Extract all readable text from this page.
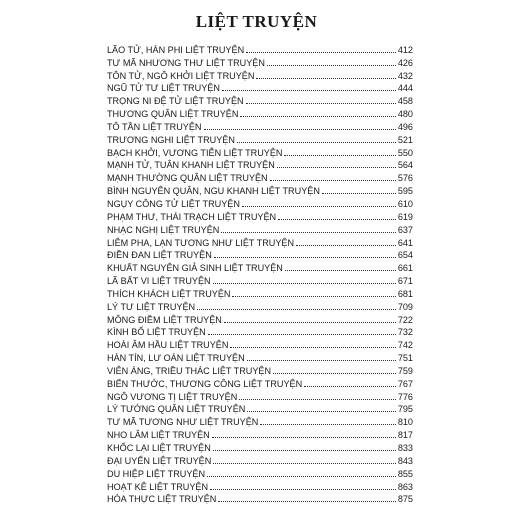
LIỆT TRUYỆN
LÃO TỬ, HÀN PHI LIỆT TRUYỆN	412
TƯ MÃ NHƯƠNG THƯ LIỆT TRUYỆN	426
TÔN TỬ, NGÔ KHỞI LIỆT TRUYỆN	432
NGŨ TỬ TƯ LIỆT TRUYỆN	444
TRỌNG NI ĐỆ TỬ LIỆT TRUYỆN	458
THƯƠNG QUÂN LIỆT TRUYỆN	480
TÔ TẦN LIỆT TRUYỆN	496
TRƯƠNG NGHI LIỆT TRUYỆN	521
BẠCH KHỞI, VƯƠNG TIỄN LIỆT TRUYỆN	550
MẠNH TỬ, TUÂN KHANH LIỆT TRUYỆN	564
MẠNH THƯỜNG QUÂN LIỆT TRUYỆN	576
BÌNH NGUYÊN QUÂN, NGU KHANH LIỆT TRUYỆN	595
NGỤY CÔNG TỬ LIỆT TRUYỆN	610
PHẠM THƯ, THÁI TRẠCH LIỆT TRUYỆN	619
NHẠC NGHỊ LIỆT TRUYỆN	637
LIÊM PHA, LẠN TƯƠNG NHƯ LIỆT TRUYỆN	641
ĐIỀN ĐAN LIỆT TRUYỆN	654
KHUẤT NGUYÊN GIẢ SINH LIỆT TRUYỆN	661
LÃ BẤT VI LIỆT TRUYỆN	671
THÍCH KHÁCH LIỆT TRUYỆN	681
LÝ TƯ LIỆT TRUYỆN	709
MÔNG ĐIỀM LIỆT TRUYỆN	722
KÌNH BỐ LIỆT TRUYỆN	732
HOÀI ÂM HẦU LIỆT TRUYỆN	742
HÀN TÍN, LƯ OÁN LIỆT TRUYỆN	751
VIÊN ÁNG, TRIỀU THÁC LIỆT TRUYỆN	759
BIỂN THƯỚC, THƯƠNG CÔNG LIỆT TRUYỆN	767
NGÔ VƯƠNG TỊ LIỆT TRUYỆN	776
LÝ TƯỚNG QUÂN LIỆT TRUYỆN	795
TƯ MÃ TƯƠNG NHƯ LIỆT TRUYỆN	810
NHO LÂM LIỆT TRUYỆN	817
KHỐC LẠI LIỆT TRUYỆN	833
ĐẠI UYỂN LIỆT TRUYỆN	843
DU HIỆP LIỆT TRUYỆN	855
HOẠT KÊ LIỆT TRUYỆN	863
HÓA THỰC LIỆT TRUYỆN	875
